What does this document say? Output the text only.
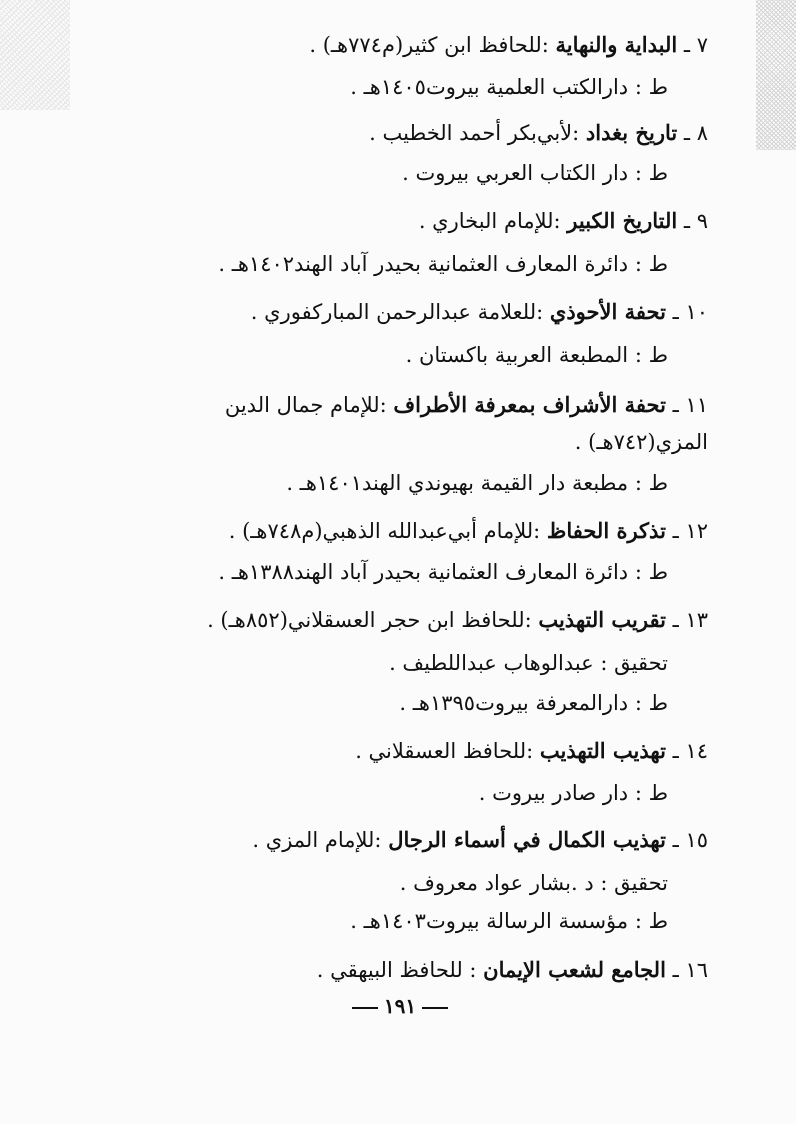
٧ ـ البداية والنهاية :للحافظ ابن كثير(م٧٧٤هـ) .
ط : دارالكتب العلمية بيروت١٤٠٥هـ .
٨ ـ تاريخ بغداد :لأبي‌بكر أحمد الخطيب .
ط : دار الكتاب العربي بيروت .
٩ ـ التاريخ الكبير :للإمام البخاري .
ط : دائرة المعارف العثمانية بحيدر آباد الهند١٤٠٢هـ .
١٠ ـ تحفة الأحوذي :للعلامة عبدالرحمن المباركفوري .
ط : المطبعة العربية باكستان .
١١ ـ تحفة الأشراف بمعرفة الأطراف :للإمام جمال الدين
المزي(٧٤٢هـ) .
ط : مطبعة دار القيمة بهيوندي الهند١٤٠١هـ .
١٢ ـ تذكرة الحفاظ :للإمام أبي‌عبدالله الذهبي(م٧٤٨هـ) .
ط : دائرة المعارف العثمانية بحيدر آباد الهند١٣٨٨هـ .
١٣ ـ تقريب التهذيب :للحافظ ابن حجر العسقلاني(٨٥٢هـ) .
تحقيق : عبدالوهاب عبداللطيف .
ط : دارالمعرفة بيروت١٣٩٥هـ .
١٤ ـ تهذيب التهذيب :للحافظ العسقلاني .
ط : دار صادر بيروت .
١٥ ـ تهذيب الكمال في أسماء الرجال :للإمام المزي .
تحقيق : د .بشار عواد معروف .
ط : مؤسسة الرسالة بيروت١٤٠٣هـ .
١٦ ـ الجامع لشعب الإيمان : للحافظ البيهقي .
١٩١
